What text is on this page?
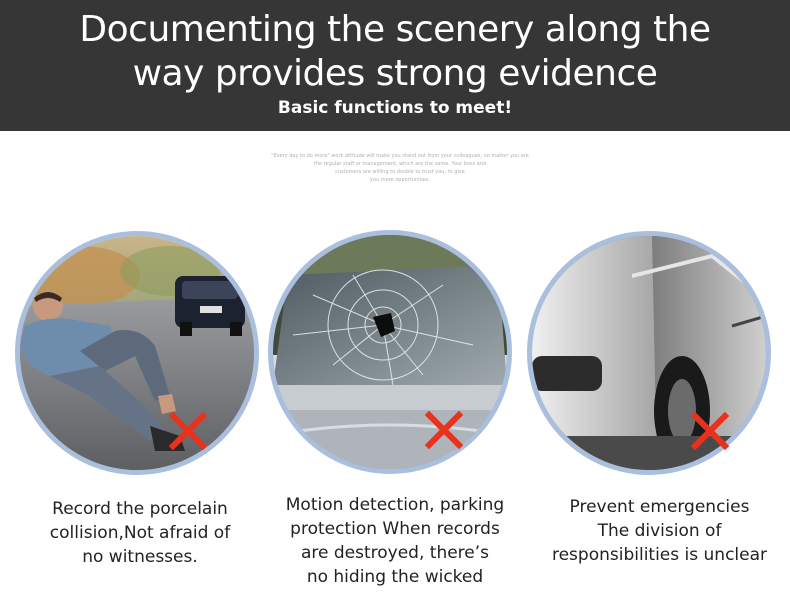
Documenting the scenery along the
way provides strong evidence
Basic functions to meet!
"Every day to do more" work attitude will make you stand out from your colleagues, no matter you are
the regular staff or management, which are the same. Your boss and
customers are willing to double to trust you, to give
you more opportunities.
Record the porcelain
collision,Not afraid of
no witnesses.
Motion detection, parking
protection When records
are destroyed, there’s
no hiding the wicked
Prevent emergencies
The division of
responsibilities is unclear
